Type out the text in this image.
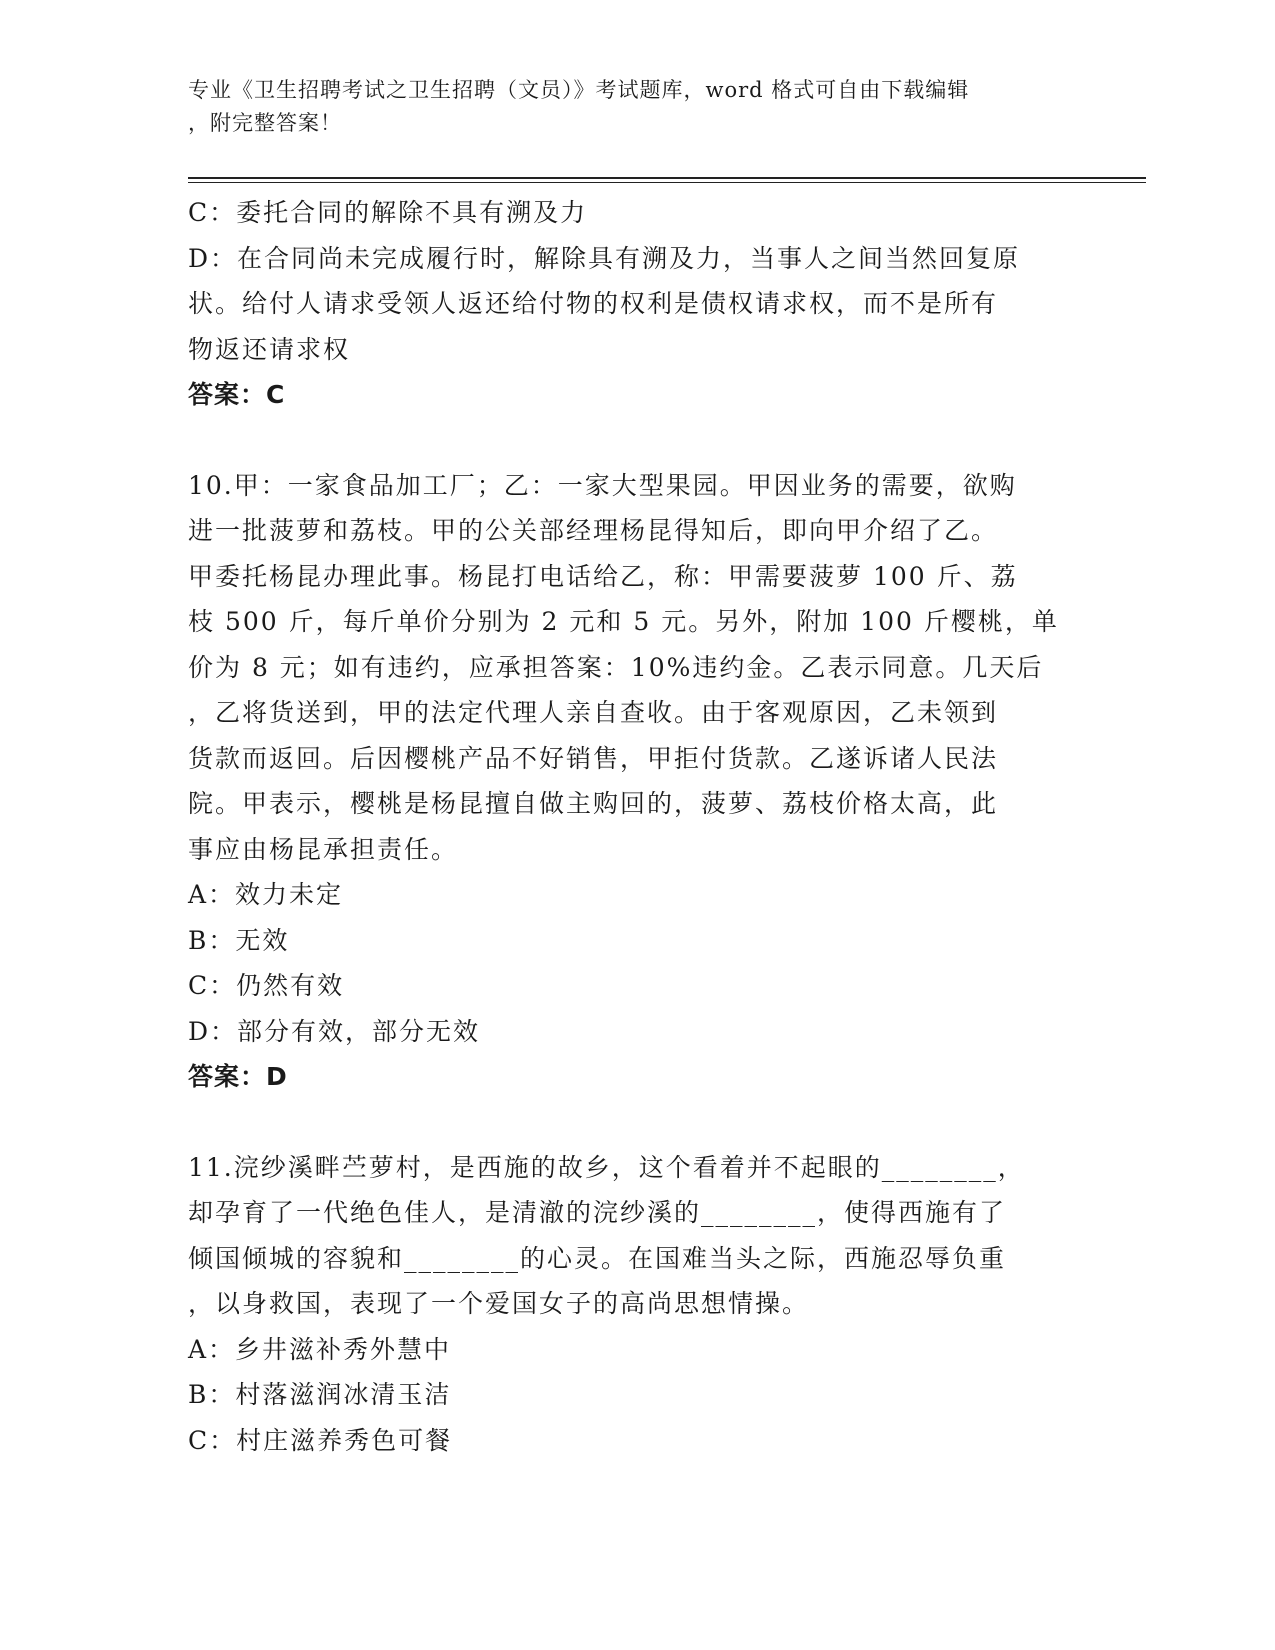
专业《卫生招聘考试之卫生招聘（文员）》考试题库，word 格式可自由下载编辑
，附完整答案！

C：委托合同的解除不具有溯及力

D：在合同尚未完成履行时，解除具有溯及力，当事人之间当然回复原

状。给付人请求受领人返还给付物的权利是债权请求权，而不是所有

物返还请求权

答案：C

10.甲：一家食品加工厂；乙：一家大型果园。甲因业务的需要，欲购

进一批菠萝和荔枝。甲的公关部经理杨昆得知后，即向甲介绍了乙。

甲委托杨昆办理此事。杨昆打电话给乙，称：甲需要菠萝 100 斤、荔

枝 500 斤，每斤单价分别为 2 元和 5 元。另外，附加 100 斤樱桃，单

价为 8 元；如有违约，应承担答案：10%违约金。乙表示同意。几天后

，乙将货送到，甲的法定代理人亲自查收。由于客观原因，乙未领到

货款而返回。后因樱桃产品不好销售，甲拒付货款。乙遂诉诸人民法

院。甲表示，樱桃是杨昆擅自做主购回的，菠萝、荔枝价格太高，此

事应由杨昆承担责任。

A：效力未定

B：无效

C：仍然有效

D：部分有效，部分无效

答案：D

11.浣纱溪畔苎萝村，是西施的故乡，这个看着并不起眼的________，

却孕育了一代绝色佳人，是清澈的浣纱溪的________，使得西施有了

倾国倾城的容貌和________的心灵。在国难当头之际，西施忍辱负重

，以身救国，表现了一个爱国女子的高尚思想情操。

A：乡井滋补秀外慧中

B：村落滋润冰清玉洁

C：村庄滋养秀色可餐
